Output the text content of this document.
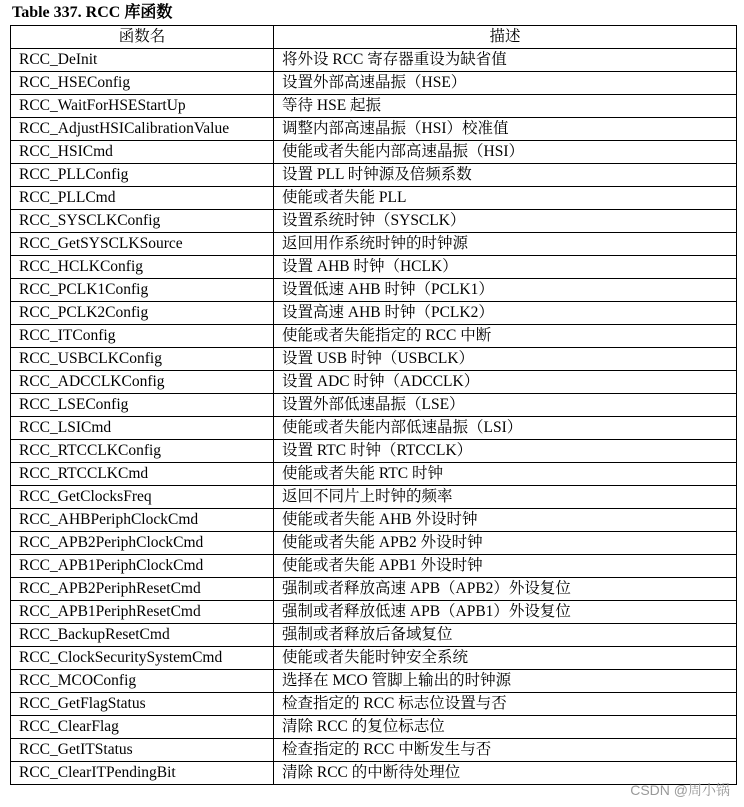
Table 337. RCC 库函数
函数名	描述
RCC_DeInit	将外设 RCC 寄存器重设为缺省值
RCC_HSEConfig	设置外部高速晶振（HSE）
RCC_WaitForHSEStartUp	等待 HSE 起振
RCC_AdjustHSICalibrationValue	调整内部高速晶振（HSI）校准值
RCC_HSICmd	使能或者失能内部高速晶振（HSI）
RCC_PLLConfig	设置 PLL 时钟源及倍频系数
RCC_PLLCmd	使能或者失能 PLL
RCC_SYSCLKConfig	设置系统时钟（SYSCLK）
RCC_GetSYSCLKSource	返回用作系统时钟的时钟源
RCC_HCLKConfig	设置 AHB 时钟（HCLK）
RCC_PCLK1Config	设置低速 AHB 时钟（PCLK1）
RCC_PCLK2Config	设置高速 AHB 时钟（PCLK2）
RCC_ITConfig	使能或者失能指定的 RCC 中断
RCC_USBCLKConfig	设置 USB 时钟（USBCLK）
RCC_ADCCLKConfig	设置 ADC 时钟（ADCCLK）
RCC_LSEConfig	设置外部低速晶振（LSE）
RCC_LSICmd	使能或者失能内部低速晶振（LSI）
RCC_RTCCLKConfig	设置 RTC 时钟（RTCCLK）
RCC_RTCCLKCmd	使能或者失能 RTC 时钟
RCC_GetClocksFreq	返回不同片上时钟的频率
RCC_AHBPeriphClockCmd	使能或者失能 AHB 外设时钟
RCC_APB2PeriphClockCmd	使能或者失能 APB2 外设时钟
RCC_APB1PeriphClockCmd	使能或者失能 APB1 外设时钟
RCC_APB2PeriphResetCmd	强制或者释放高速 APB（APB2）外设复位
RCC_APB1PeriphResetCmd	强制或者释放低速 APB（APB1）外设复位
RCC_BackupResetCmd	强制或者释放后备域复位
RCC_ClockSecuritySystemCmd	使能或者失能时钟安全系统
RCC_MCOConfig	选择在 MCO 管脚上输出的时钟源
RCC_GetFlagStatus	检查指定的 RCC 标志位设置与否
RCC_ClearFlag	清除 RCC 的复位标志位
RCC_GetITStatus	检查指定的 RCC 中断发生与否
RCC_ClearITPendingBit	清除 RCC 的中断待处理位
CSDN @周小锅
